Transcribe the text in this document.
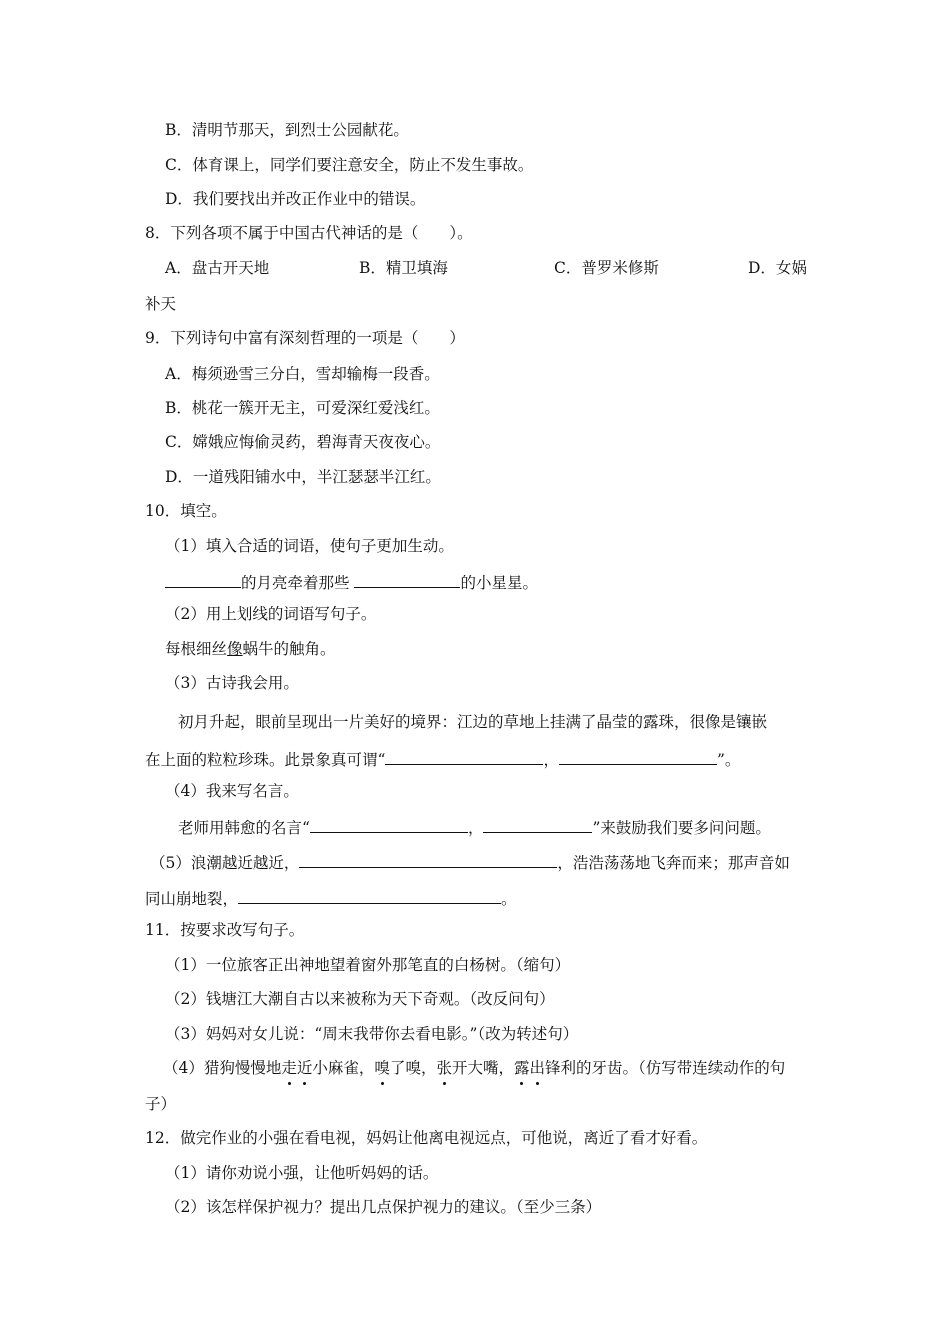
B．清明节那天，到烈士公园献花。
C．体育课上，同学们要注意安全，防止不发生事故。
D．我们要找出并改正作业中的错误。
8．下列各项不属于中国古代神话的是（　　）。
A．盘古开天地	B．精卫填海	C．普罗米修斯	D．女娲
补天
9．下列诗句中富有深刻哲理的一项是（　　）
A．梅须逊雪三分白，雪却输梅一段香。
B．桃花一簇开无主，可爱深红爱浅红。
C．嫦娥应悔偷灵药，碧海青天夜夜心。
D．一道残阳铺水中，半江瑟瑟半江红。
10．填空。
（1）填入合适的词语，使句子更加生动。
的月亮牵着那些	的小星星。
（2）用上划线的词语写句子。
每根细丝像蜗牛的触角。
（3）古诗我会用。
初月升起，眼前呈现出一片美好的境界：江边的草地上挂满了晶莹的露珠，很像是镶嵌
在上面的粒粒珍珠。此景象真可谓“	，	”。
（4）我来写名言。
老师用韩愈的名言“	，	”来鼓励我们要多问问题。
（5）浪潮越近越近，	，浩浩荡荡地飞奔而来；那声音如
同山崩地裂，	。
11．按要求改写句子。
（1）一位旅客正出神地望着窗外那笔直的白杨树。（缩句）
（2）钱塘江大潮自古以来被称为天下奇观。（改反问句）
（3）妈妈对女儿说：“周末我带你去看电影。”（改为转述句）
（4）猎狗慢慢地走近小麻雀，嗅了嗅，张开大嘴，露出锋利的牙齿。（仿写带连续动作的句
子）
12．做完作业的小强在看电视，妈妈让他离电视远点，可他说，离近了看才好看。
（1）请你劝说小强，让他听妈妈的话。
（2）该怎样保护视力？提出几点保护视力的建议。（至少三条）
